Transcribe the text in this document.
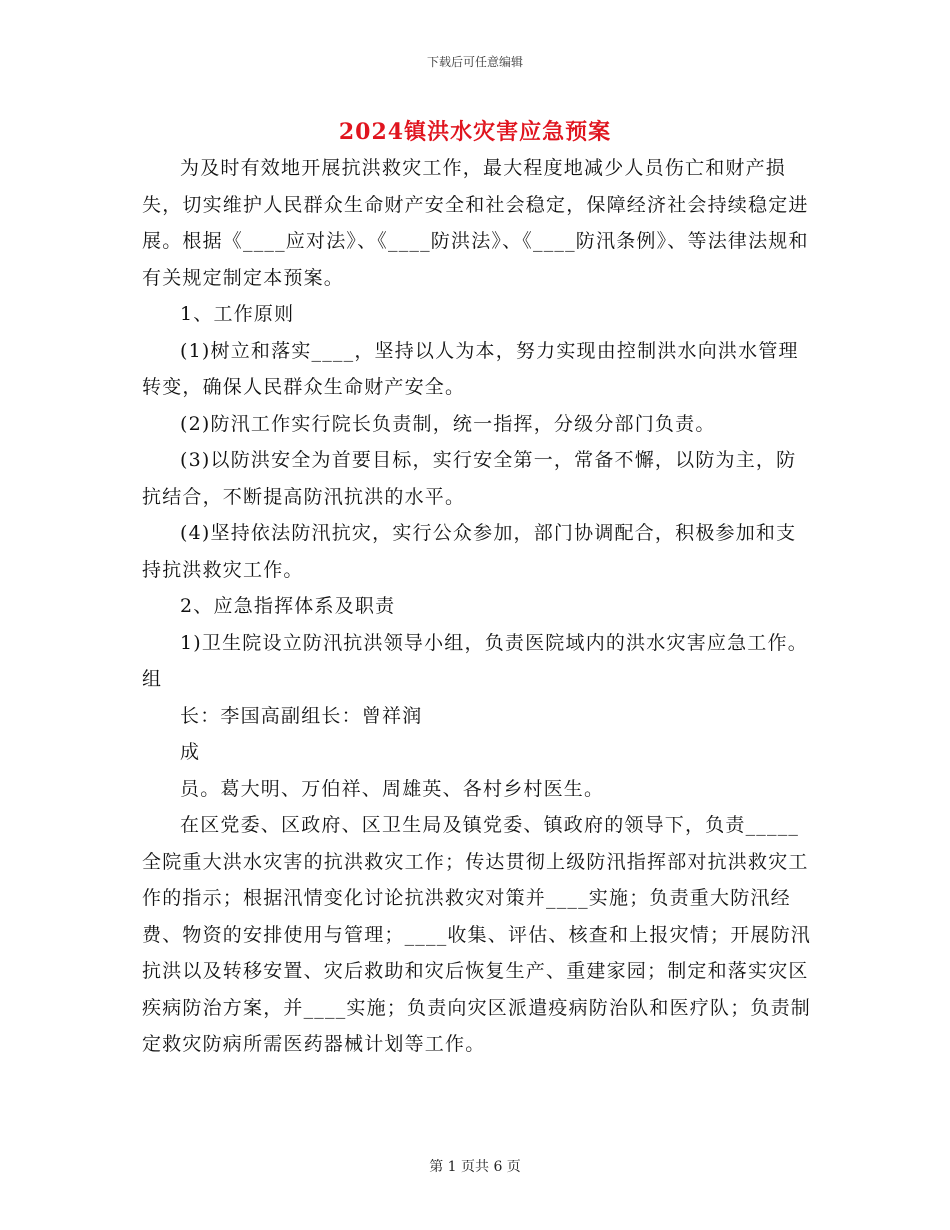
下载后可任意编辑
2024镇洪水灾害应急预案

为及时有效地开展抗洪救灾工作，最大程度地减少人员伤亡和财产损失，切实维护人民群众生命财产安全和社会稳定，保障经济社会持续稳定进展。根据《____应对法》、《____防洪法》、《____防汛条例》、等法律法规和有关规定制定本预案。

1、工作原则

(1)树立和落实____，坚持以人为本，努力实现由控制洪水向洪水管理转变，确保人民群众生命财产安全。

(2)防汛工作实行院长负责制，统一指挥，分级分部门负责。

(3)以防洪安全为首要目标，实行安全第一，常备不懈，以防为主，防抗结合，不断提高防汛抗洪的水平。

(4)坚持依法防汛抗灾，实行公众参加，部门协调配合，积极参加和支持抗洪救灾工作。

2、应急指挥体系及职责

1)卫生院设立防汛抗洪领导小组，负责医院域内的洪水灾害应急工作。组

长：李国高副组长：曾祥润

成

员。葛大明、万伯祥、周雄英、各村乡村医生。

在区党委、区政府、区卫生局及镇党委、镇政府的领导下，负责_____全院重大洪水灾害的抗洪救灾工作；传达贯彻上级防汛指挥部对抗洪救灾工作的指示；根据汛情变化讨论抗洪救灾对策并____实施；负责重大防汛经费、物资的安排使用与管理；____收集、评估、核查和上报灾情；开展防汛抗洪以及转移安置、灾后救助和灾后恢复生产、重建家园；制定和落实灾区疾病防治方案，并____实施；负责向灾区派遣疫病防治队和医疗队；负责制定救灾防病所需医药器械计划等工作。

第 1 页共 6 页
